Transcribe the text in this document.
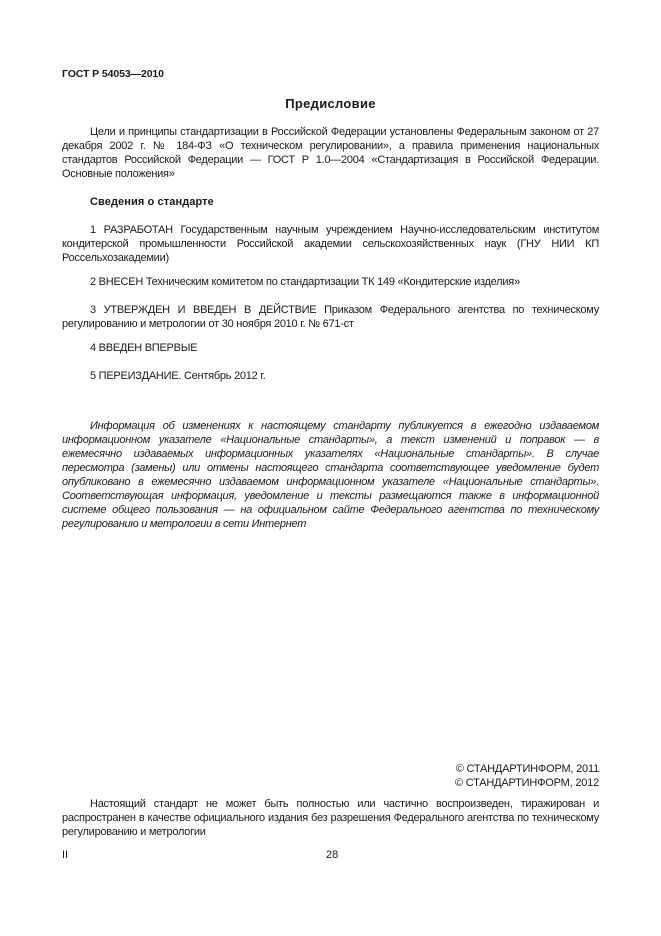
ГОСТ Р 54053—2010
Предисловие

Цели и принципы стандартизации в Российской Федерации установлены Федеральным законом от 27 декабря 2002 г. № 184-ФЗ «О техническом регулировании», а правила применения национальных стандартов Российской Федерации — ГОСТ Р 1.0—2004 «Стандартизация в Российской Федерации. Основные положения»

Сведения о стандарте

1 РАЗРАБОТАН Государственным научным учреждением Научно-исследовательским институтом кондитерской промышленности Российской академии сельскохозяйственных наук (ГНУ НИИ КП Россельхозакадемии)

2 ВНЕСЕН Техническим комитетом по стандартизации ТК 149 «Кондитерские изделия»

3 УТВЕРЖДЕН И ВВЕДЕН В ДЕЙСТВИЕ Приказом Федерального агентства по техническому регулированию и метрологии от 30 ноября 2010 г. № 671-ст

4 ВВЕДЕН ВПЕРВЫЕ

5 ПЕРЕИЗДАНИЕ. Сентябрь 2012 г.

Информация об изменениях к настоящему стандарту публикуется в ежегодно издаваемом информационном указателе «Национальные стандарты», а текст изменений и поправок — в ежемесячно издаваемых информационных указателях «Национальные стандарты». В случае пересмотра (замены) или отмены настоящего стандарта соответствующее уведомление будет опубликовано в ежемесячно издаваемом информационном указателе «Национальные стандарты». Соответствующая информация, уведомление и тексты размещаются также в информационной системе общего пользования — на официальном сайте Федерального агентства по техническому регулированию и метрологии в сети Интернет

© СТАНДАРТИНФОРМ, 2011
© СТАНДАРТИНФОРМ, 2012

Настоящий стандарт не может быть полностью или частично воспроизведен, тиражирован и распространен в качестве официального издания без разрешения Федерального агентства по техническому регулированию и метрологии

II	28
